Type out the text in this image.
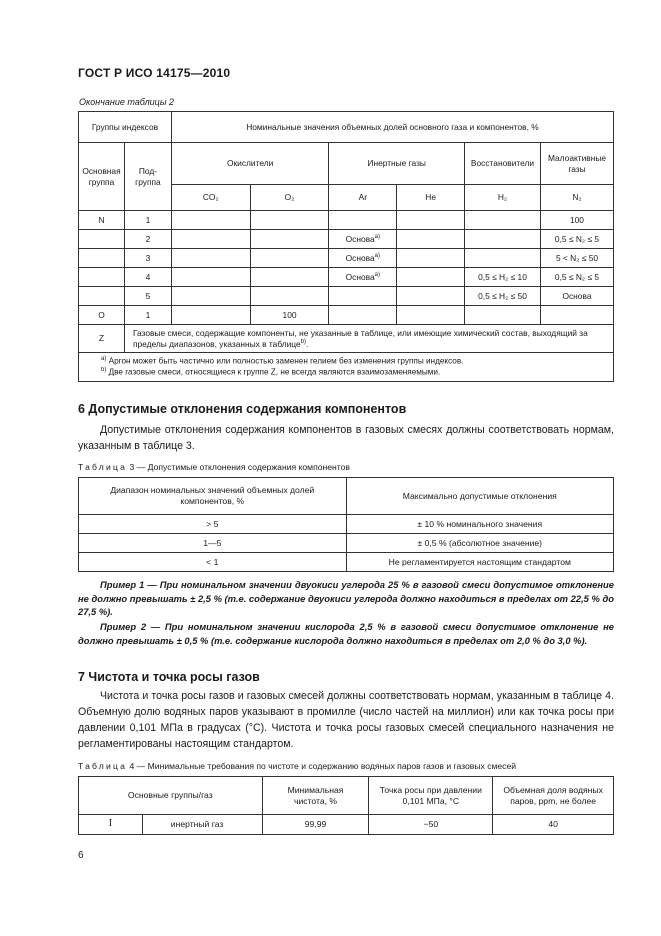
ГОСТ Р ИСО 14175—2010
Окончание таблицы 2
Группы индексов		Номинальные значения объемных долей основного газа и компонентов, %					
Основная группа	Под-группа	Окислители		Инертные газы		Восстановители	Малоактивные газы
		CO₂	O₂	Ar	He	H₂	N₂
N	1						100
	2			Основа$^{a)}$			0,5 ≤ N₂ ≤ 5
	3			Основа$^{a)}$			5 < N₂ ≤ 50
	4			Основа$^{a)}$		0,5 ≤ H₂ ≤ 10	0,5 ≤ N₂ ≤ 5
	5					0,5 ≤ H₂ ≤ 50	Основа
O	1		100				
Z	Газовые смеси, содержащие компоненты, не указанные в таблице, или имеющие химический состав, выходящий за пределы диапазонов, указанных в таблице$^{b)}$.						

$^{a)}$ Аргон может быть частично или полностью заменен гелием без изменения группы индексов.
$^{b)}$ Две газовые смеси, относящиеся к группе Z, не всегда являются взаимозаменяемыми.							
6 Допустимые отклонения содержания компонентов
Допустимые отклонения содержания компонентов в газовых смесях должны соответствовать нормам, указанным в таблице 3.
Таблица 3 — Допустимые отклонения содержания компонентов
Диапазон номинальных значений объемных долей компонентов, %	Максимально допустимые отклонения
> 5	± 10 % номинального значения
1—5	± 0,5 % (абсолютное значение)
< 1	Не регламентируется настоящим стандартом
Пример 1 — При номинальном значении двуокиси углерода 25 % в газовой смеси допустимое отклонение не должно превышать ± 2,5 % (т.е. содержание двуокиси углерода должно находиться в пределах от 22,5 % до 27,5 %).
Пример 2 — При номинальном значении кислорода 2,5 % в газовой смеси допустимое отклонение не должно превышать ± 0,5 % (т.е. содержание кислорода должно находиться в пределах от 2,0 % до 3,0 %).
7 Чистота и точка росы газов
Чистота и точка росы газов и газовых смесей должны соответствовать нормам, указанным в таблице 4. Объемную долю водяных паров указывают в промилле (число частей на миллион) или как точка росы при давлении 0,101 МПа в градусах (°С). Чистота и точка росы газовых смесей специального назначения не регламентированы настоящим стандартом.
Таблица 4 — Минимальные требования по чистоте и содержанию водяных паров газов и газовых смесей
Основные группы/газ		Минимальная чистота, %	Точка росы при давлении 0,101 МПа, °С	Объемная доля водяных паров, ppm, не более
I	инертный газ	99,99	−50	40
6
